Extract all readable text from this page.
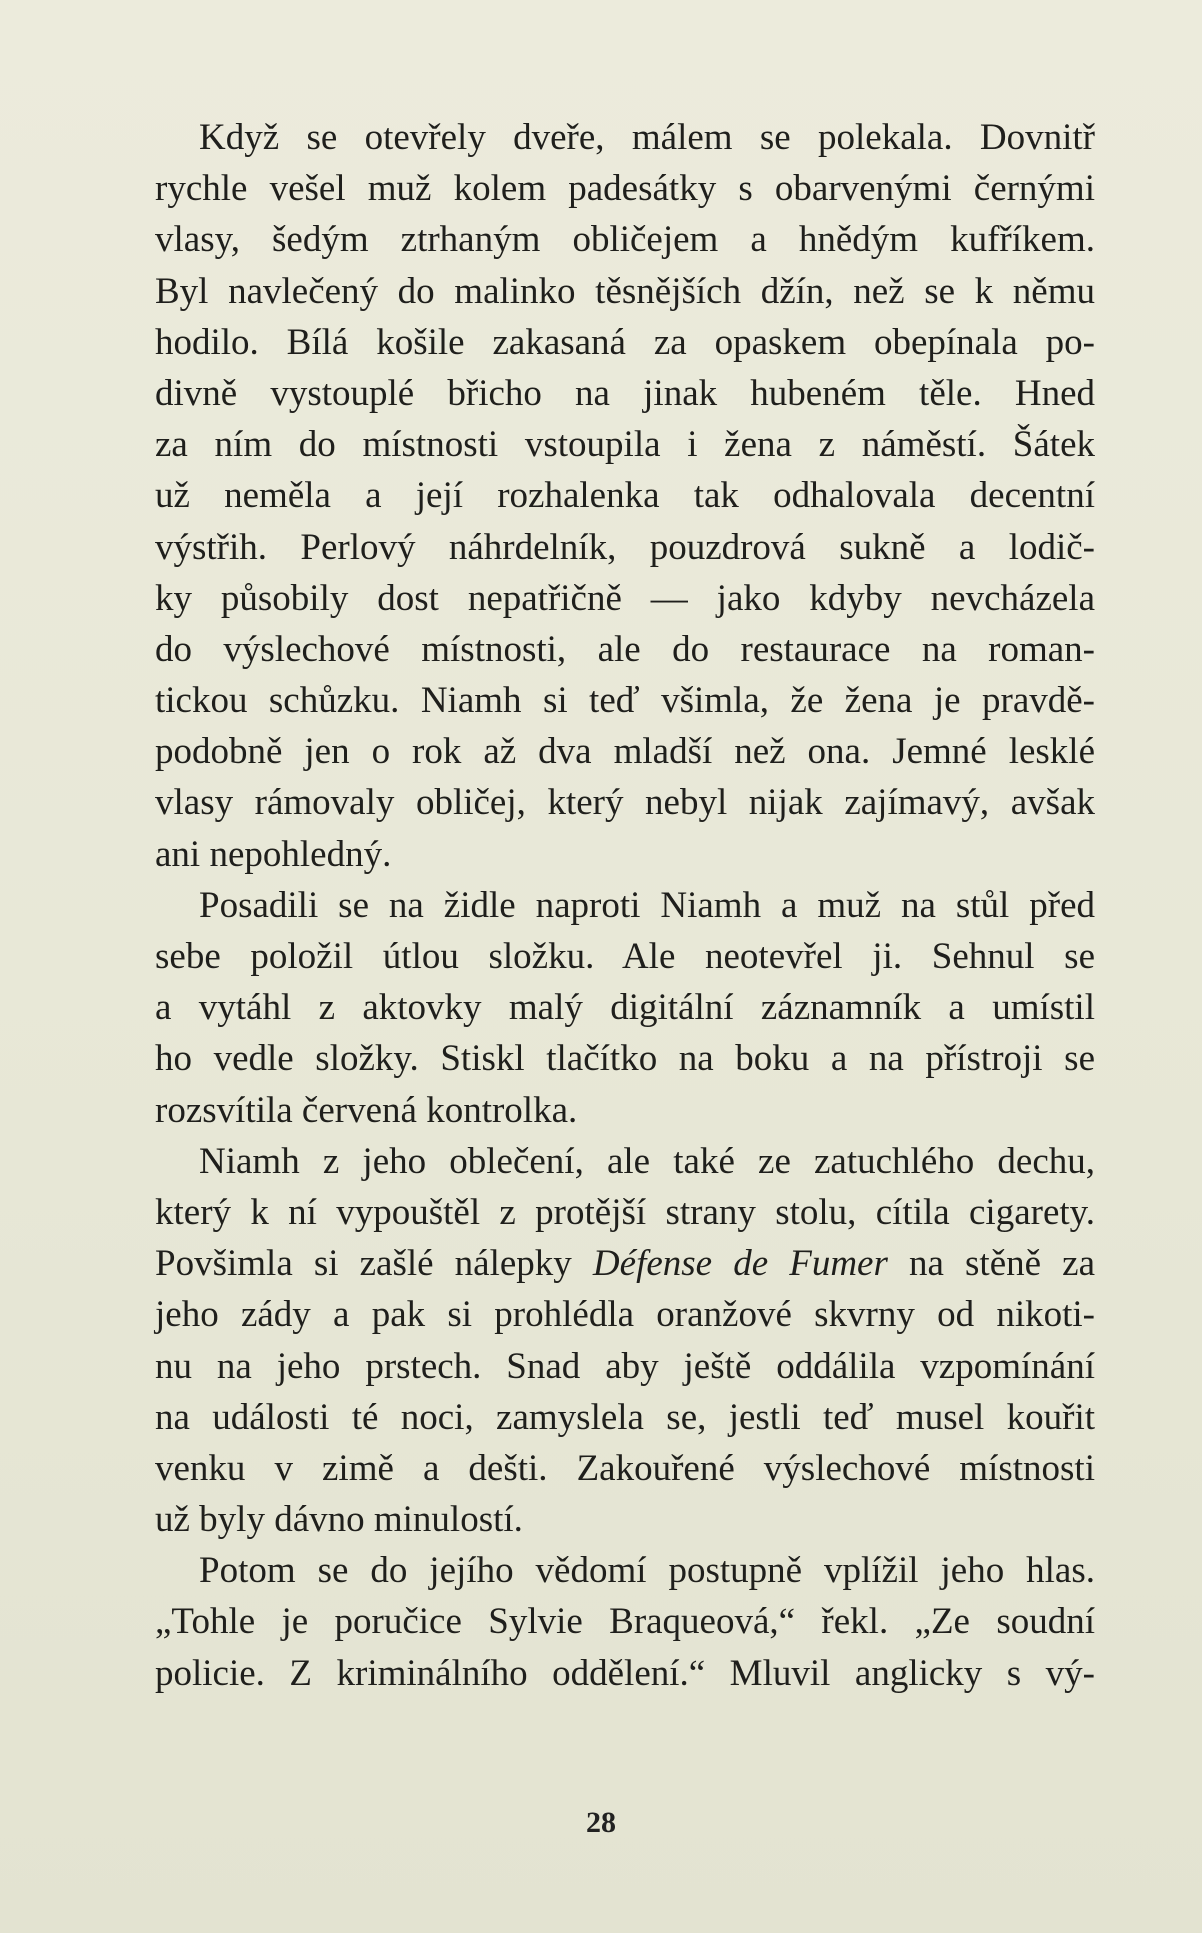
Když se otevřely dveře, málem se polekala. Dovnitř
rychle vešel muž kolem padesátky s obarvenými černými
vlasy, šedým ztrhaným obličejem a hnědým kufříkem.
Byl navlečený do malinko těsnějších džín, než se k němu
hodilo. Bílá košile zakasaná za opaskem obepínala po-
divně vystouplé břicho na jinak hubeném těle. Hned
za ním do místnosti vstoupila i žena z náměstí. Šátek
už neměla a její rozhalenka tak odhalovala decentní
výstřih. Perlový náhrdelník, pouzdrová sukně a lodič-
ky působily dost nepatřičně — jako kdyby nevcházela
do výslechové místnosti, ale do restaurace na roman-
tickou schůzku. Niamh si teď všimla, že žena je pravdě-
podobně jen o rok až dva mladší než ona. Jemné lesklé
vlasy rámovaly obličej, který nebyl nijak zajímavý, avšak
ani nepohledný.
Posadili se na židle naproti Niamh a muž na stůl před
sebe položil útlou složku. Ale neotevřel ji. Sehnul se
a vytáhl z aktovky malý digitální záznamník a umístil
ho vedle složky. Stiskl tlačítko na boku a na přístroji se
rozsvítila červená kontrolka.
Niamh z jeho oblečení, ale také ze zatuchlého dechu,
který k ní vypouštěl z protější strany stolu, cítila cigarety.
Povšimla si zašlé nálepky Défense de Fumer na stěně za
jeho zády a pak si prohlédla oranžové skvrny od nikoti-
nu na jeho prstech. Snad aby ještě oddálila vzpomínání
na události té noci, zamyslela se, jestli teď musel kouřit
venku v zimě a dešti. Zakouřené výslechové místnosti
už byly dávno minulostí.
Potom se do jejího vědomí postupně vplížil jeho hlas.
„Tohle je poručice Sylvie Braqueová,“ řekl. „Ze soudní
policie. Z kriminálního oddělení.“ Mluvil anglicky s vý-
28
